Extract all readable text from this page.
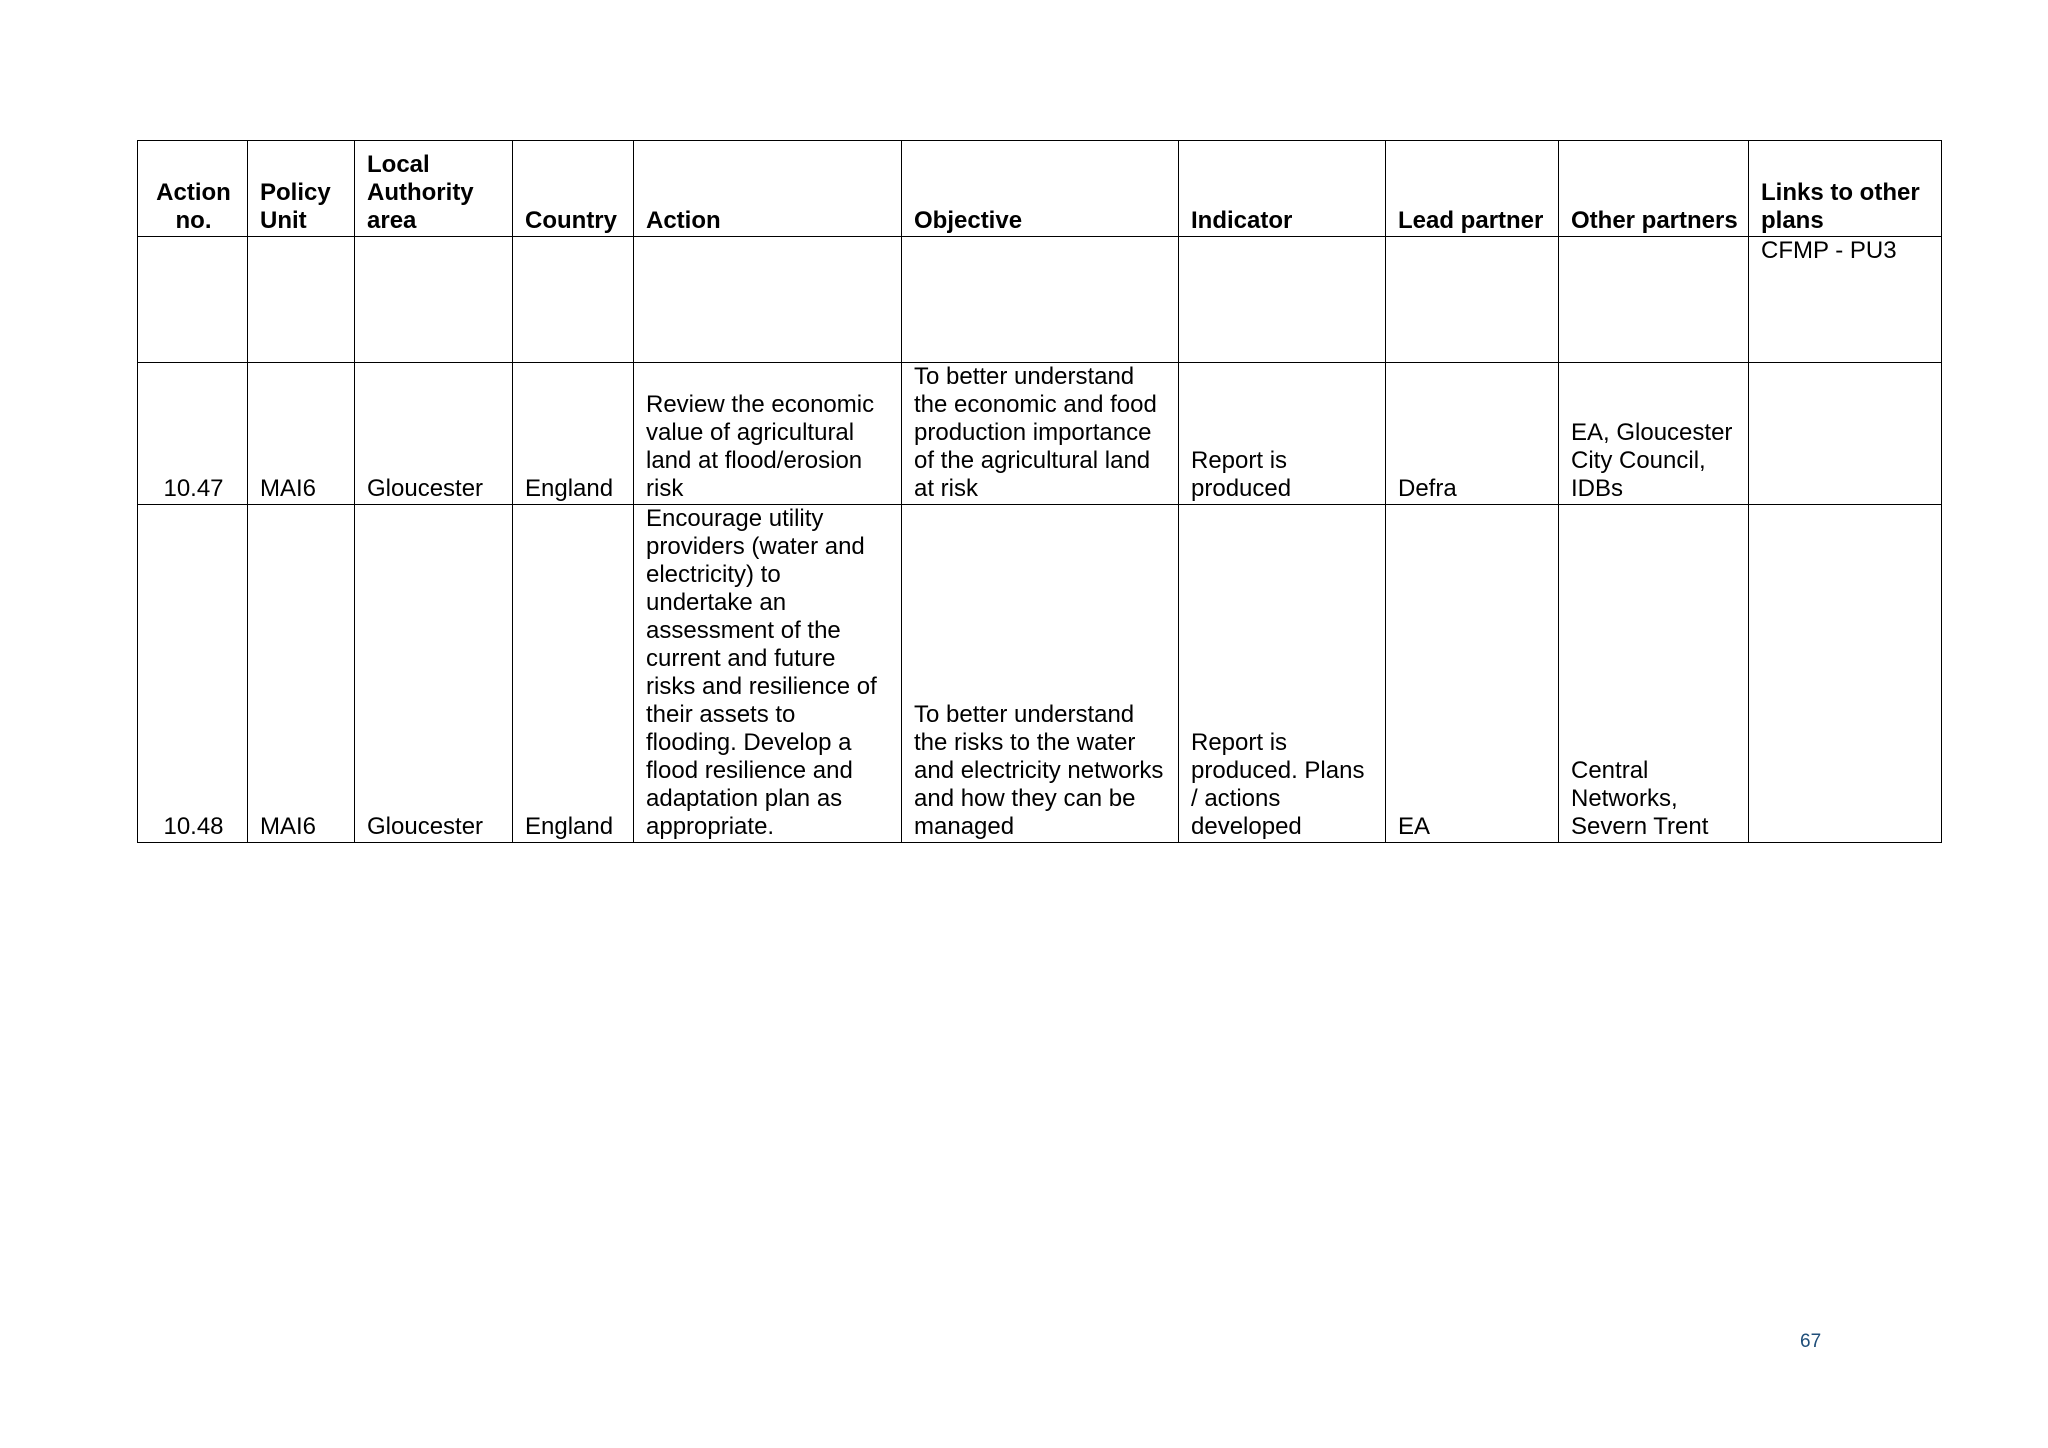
Action no.	Policy Unit	Local Authority area	Country	Action	Objective	Indicator	Lead partner	Other partners	Links to other plans
									CFMP - PU3
10.47	MAI6	Gloucester	England	Review the economic value of agricultural land at flood/erosion risk	To better understand the economic and food production importance of the agricultural land at risk	Report is produced	Defra	EA, Gloucester City Council, IDBs	
10.48	MAI6	Gloucester	England	Encourage utility providers (water and electricity) to undertake an assessment of the current and future risks and resilience of their assets to flooding. Develop a flood resilience and adaptation plan as appropriate.	To better understand the risks to the water and electricity networks and how they can be managed	Report is produced. Plans / actions developed	EA	Central Networks, Severn Trent	
67
